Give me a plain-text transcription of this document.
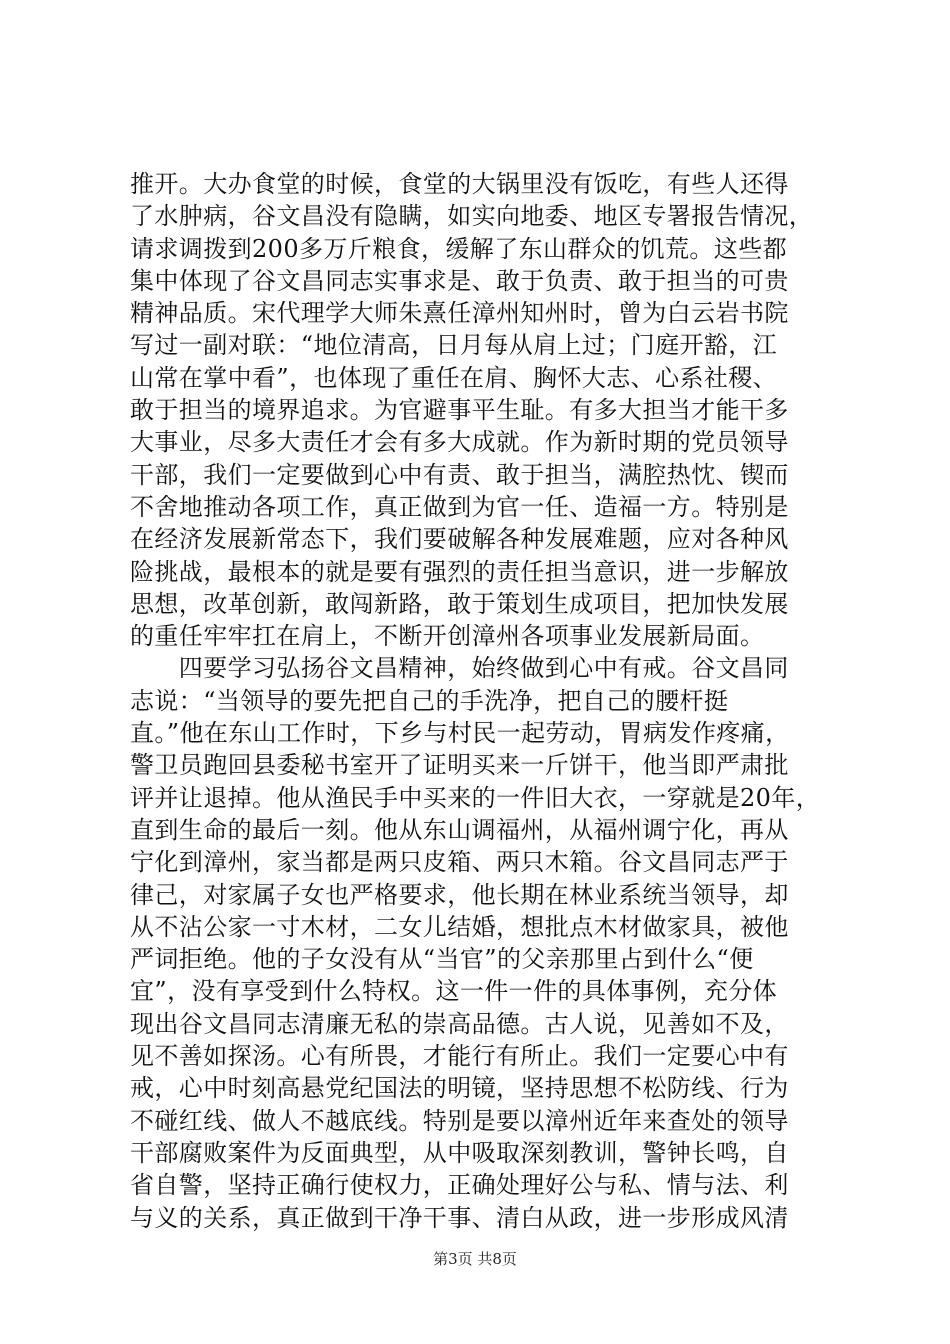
推开。大办食堂的时候，食堂的大锅里没有饭吃，有些人还得
了水肿病，谷文昌没有隐瞒，如实向地委、地区专署报告情况，
请求调拨到200多万斤粮食，缓解了东山群众的饥荒。这些都
集中体现了谷文昌同志实事求是、敢于负责、敢于担当的可贵
精神品质。宋代理学大师朱熹任漳州知州时，曾为白云岩书院
写过一副对联：“地位清高，日月每从肩上过；门庭开豁，江
山常在掌中看”，也体现了重任在肩、胸怀大志、心系社稷、
敢于担当的境界追求。为官避事平生耻。有多大担当才能干多
大事业，尽多大责任才会有多大成就。作为新时期的党员领导
干部，我们一定要做到心中有责、敢于担当，满腔热忱、锲而
不舍地推动各项工作，真正做到为官一任、造福一方。特别是
在经济发展新常态下，我们要破解各种发展难题，应对各种风
险挑战，最根本的就是要有强烈的责任担当意识，进一步解放
思想，改革创新，敢闯新路，敢于策划生成项目，把加快发展
的重任牢牢扛在肩上，不断开创漳州各项事业发展新局面。
　　四要学习弘扬谷文昌精神，始终做到心中有戒。谷文昌同
志说：“当领导的要先把自己的手洗净，把自己的腰杆挺
直。”他在东山工作时，下乡与村民一起劳动，胃病发作疼痛，
警卫员跑回县委秘书室开了证明买来一斤饼干，他当即严肃批
评并让退掉。他从渔民手中买来的一件旧大衣，一穿就是20年，
直到生命的最后一刻。他从东山调福州，从福州调宁化，再从
宁化到漳州，家当都是两只皮箱、两只木箱。谷文昌同志严于
律己，对家属子女也严格要求，他长期在林业系统当领导，却
从不沾公家一寸木材，二女儿结婚，想批点木材做家具，被他
严词拒绝。他的子女没有从“当官”的父亲那里占到什么“便
宜”，没有享受到什么特权。这一件一件的具体事例，充分体
现出谷文昌同志清廉无私的崇高品德。古人说，见善如不及，
见不善如探汤。心有所畏，才能行有所止。我们一定要心中有
戒，心中时刻高悬党纪国法的明镜，坚持思想不松防线、行为
不碰红线、做人不越底线。特别是要以漳州近年来查处的领导
干部腐败案件为反面典型，从中吸取深刻教训，警钟长鸣，自
省自警，坚持正确行使权力，正确处理好公与私、情与法、利
与义的关系，真正做到干净干事、清白从政，进一步形成风清
第3页 共8页
